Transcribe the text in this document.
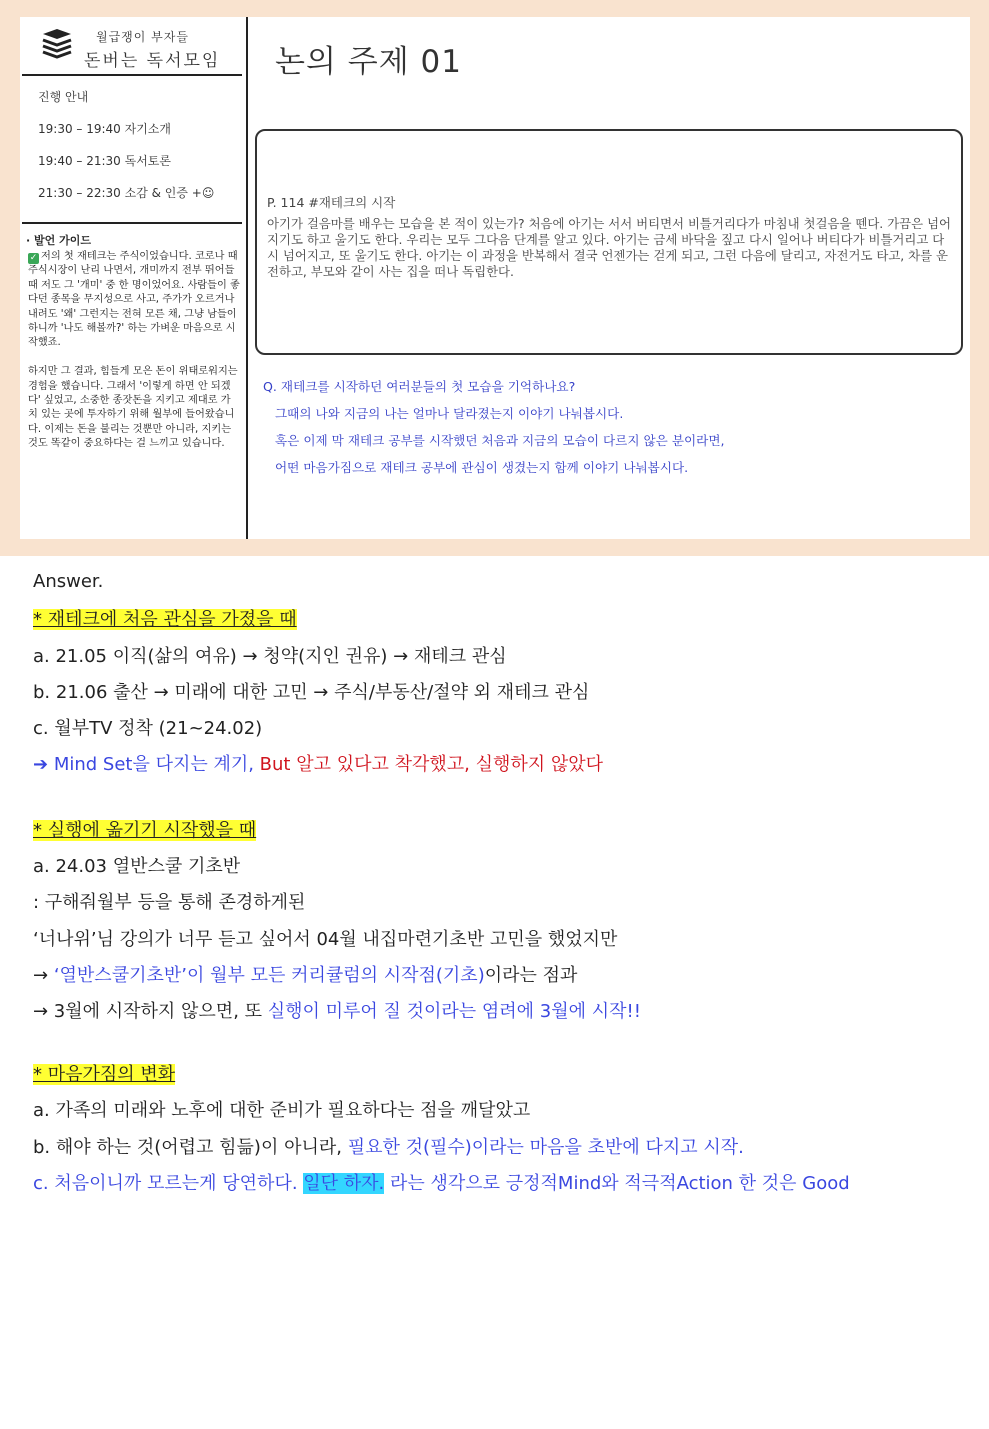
월급쟁이 부자들
돈버는 독서모임
진행 안내
19:30 – 19:40 자기소개
19:40 – 21:30 독서토론
21:30 – 22:30 소감 & 인증 +☺
· 발언 가이드
✓ 저의 첫 재테크는 주식이었습니다. 코로나 때 주식시장이 난리 나면서, 개미까지 전부 뛰어들 때 저도 그 '개미' 중 한 명이었어요. 사람들이 좋다던 종목을 무지성으로 사고, 주가가 오르거나 내려도 '왜' 그런지는 전혀 모른 채, 그냥 남들이 하니까 '나도 해볼까?' 하는 가벼운 마음으로 시작했죠.

하지만 그 결과, 힘들게 모은 돈이 위태로워지는 경험을 했습니다. 그래서 '이렇게 하면 안 되겠다' 싶었고, 소중한 종잣돈을 지키고 제대로 가치 있는 곳에 투자하기 위해 월부에 들어왔습니다. 이제는 돈을 불리는 것뿐만 아니라, 지키는 것도 똑같이 중요하다는 걸 느끼고 있습니다.
논의 주제 01
P. 114 #재테크의 시작
아기가 걸음마를 배우는 모습을 본 적이 있는가? 처음에 아기는 서서 버티면서 비틀거리다가 마침내 첫걸음을 뗀다. 가끔은 넘어지기도 하고 울기도 한다. 우리는 모두 그다음 단계를 알고 있다. 아기는 금세 바닥을 짚고 다시 일어나 버티다가 비틀거리고 다시 넘어지고, 또 울기도 한다. 아기는 이 과정을 반복해서 결국 언젠가는 걷게 되고, 그런 다음에 달리고, 자전거도 타고, 차를 운전하고, 부모와 같이 사는 집을 떠나 독립한다.
Q. 재테크를 시작하던 여러분들의 첫 모습을 기억하나요?
그때의 나와 지금의 나는 얼마나 달라졌는지 이야기 나눠봅시다.
혹은 이제 막 재테크 공부를 시작했던 처음과 지금의 모습이 다르지 않은 분이라면,
어떤 마음가짐으로 재테크 공부에 관심이 생겼는지 함께 이야기 나눠봅시다.
Answer.
* 재테크에 처음 관심을 가졌을 때
a. 21.05 이직(삶의 여유) → 청약(지인 권유) → 재테크 관심
b. 21.06 출산 → 미래에 대한 고민 → 주식/부동산/절약 외 재테크 관심
c. 월부TV 정착 (21~24.02)
➔ Mind Set을 다지는 계기, But 알고 있다고 착각했고, 실행하지 않았다
* 실행에 옮기기 시작했을 때
a. 24.03 열반스쿨 기초반
: 구해줘월부 등을 통해 존경하게된
‘너나위’님 강의가 너무 듣고 싶어서 04월 내집마련기초반 고민을 했었지만
→ ‘열반스쿨기초반’이 월부 모든 커리큘럼의 시작점(기초)이라는 점과
→ 3월에 시작하지 않으면, 또 실행이 미루어 질 것이라는 염려에 3월에 시작!!
* 마음가짐의 변화
a. 가족의 미래와 노후에 대한 준비가 필요하다는 점을 깨달았고
b. 해야 하는 것(어렵고 힘듦)이 아니라, 필요한 것(필수)이라는 마음을 초반에 다지고 시작.
c. 처음이니까 모르는게 당연하다. 일단 하자. 라는 생각으로 긍정적Mind와 적극적Action 한 것은 Good
